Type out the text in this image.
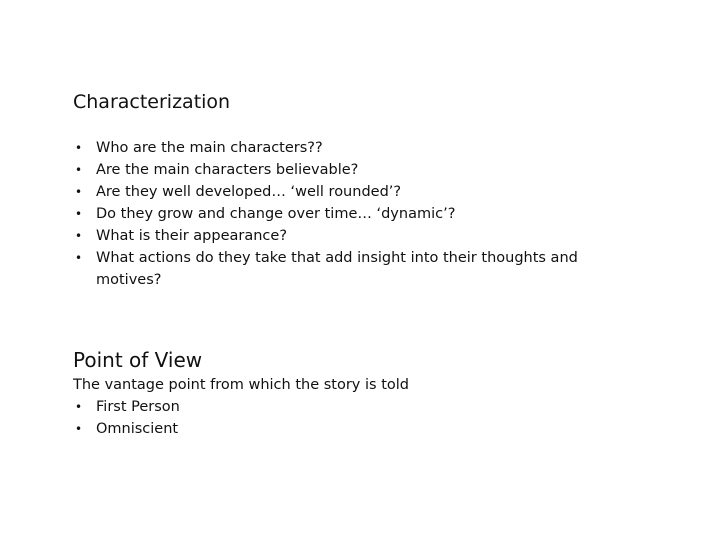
Characterization
• Who are the main characters??
• Are the main characters believable?
• Are they well developed… ‘well rounded’?
• Do they grow and change over time… ‘dynamic’?
• What is their appearance?
• What actions do they take that add insight into their thoughts and motives?
Point of View

The vantage point from which the story is told

• First Person
• Omniscient
